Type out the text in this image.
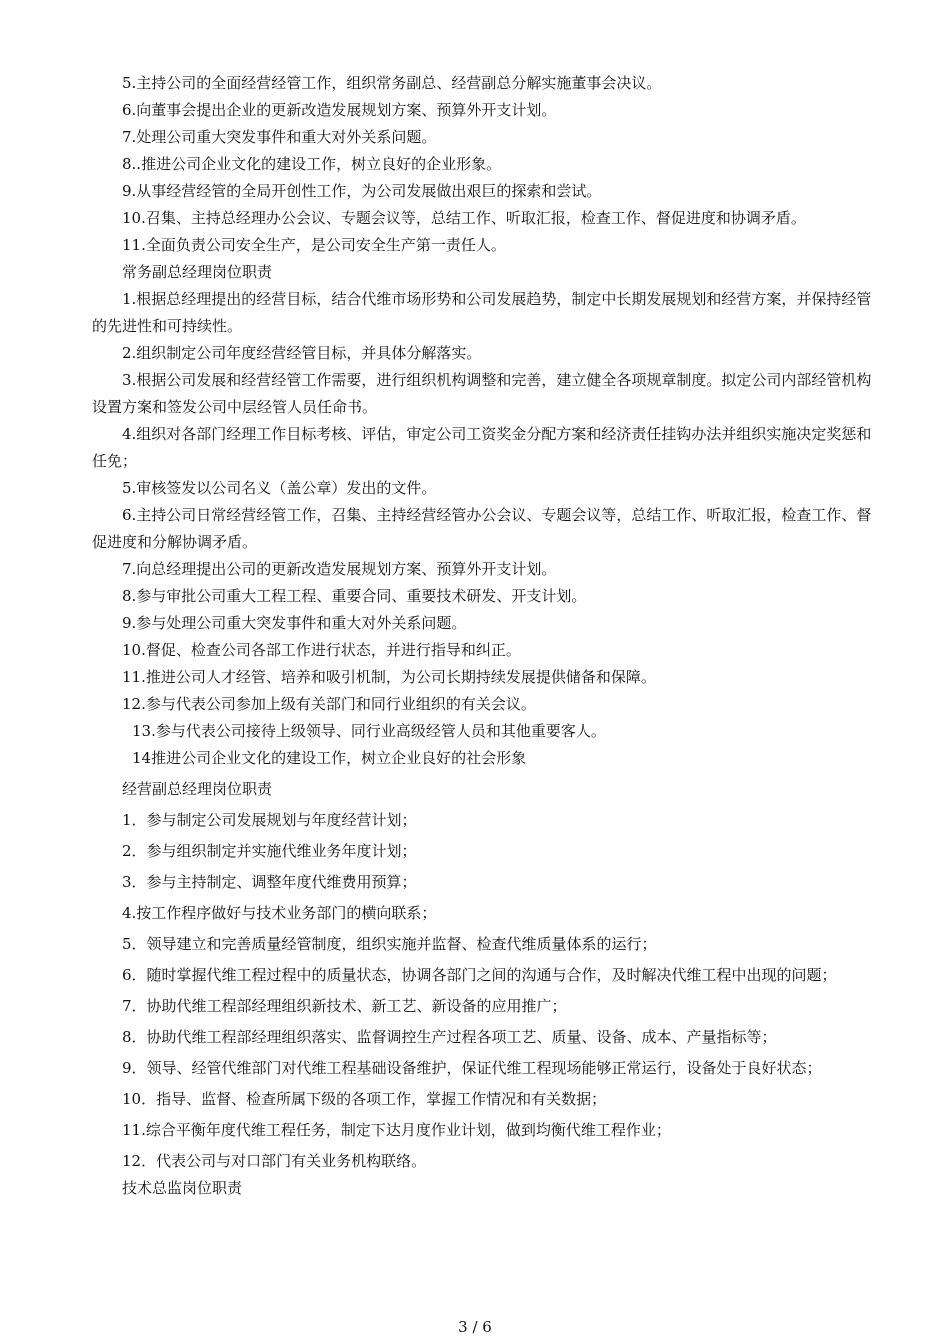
5.主持公司的全面经营经管工作，组织常务副总、经营副总分解实施董事会决议。

6.向董事会提出企业的更新改造发展规划方案、预算外开支计划。

7.处理公司重大突发事件和重大对外关系问题。

8..推进公司企业文化的建设工作，树立良好的企业形象。

9.从事经营经管的全局开创性工作，为公司发展做出艰巨的探索和尝试。

10.召集、主持总经理办公会议、专题会议等，总结工作、听取汇报，检查工作、督促进度和协调矛盾。

11.全面负责公司安全生产，是公司安全生产第一责任人。

常务副总经理岗位职责

1.根据总经理提出的经营目标，结合代维市场形势和公司发展趋势，制定中长期发展规划和经营方案，并保持经管的先进性和可持续性。

2.组织制定公司年度经营经管目标，并具体分解落实。

3.根据公司发展和经营经管工作需要，进行组织机构调整和完善，建立健全各项规章制度。拟定公司内部经管机构设置方案和签发公司中层经管人员任命书。

4.组织对各部门经理工作目标考核、评估，审定公司工资奖金分配方案和经济责任挂钩办法并组织实施决定奖惩和任免；

5.审核签发以公司名义（盖公章）发出的文件。

6.主持公司日常经营经管工作，召集、主持经营经管办公会议、专题会议等，总结工作、听取汇报，检查工作、督促进度和分解协调矛盾。

7.向总经理提出公司的更新改造发展规划方案、预算外开支计划。

8.参与审批公司重大工程工程、重要合同、重要技术研发、开支计划。

9.参与处理公司重大突发事件和重大对外关系问题。

10.督促、检查公司各部工作进行状态，并进行指导和纠正。

11.推进公司人才经管、培养和吸引机制，为公司长期持续发展提供储备和保障。

12.参与代表公司参加上级有关部门和同行业组织的有关会议。

13.参与代表公司接待上级领导、同行业高级经管人员和其他重要客人。

14推进公司企业文化的建设工作，树立企业良好的社会形象

经营副总经理岗位职责

1．参与制定公司发展规划与年度经营计划；

2．参与组织制定并实施代维业务年度计划；

3．参与主持制定、调整年度代维费用预算；

4.按工作程序做好与技术业务部门的横向联系；

5．领导建立和完善质量经管制度，组织实施并监督、检查代维质量体系的运行；

6．随时掌握代维工程过程中的质量状态，协调各部门之间的沟通与合作，及时解决代维工程中出现的问题；

7．协助代维工程部经理组织新技术、新工艺、新设备的应用推广；

8．协助代维工程部经理组织落实、监督调控生产过程各项工艺、质量、设备、成本、产量指标等；

9．领导、经管代维部门对代维工程基础设备维护，保证代维工程现场能够正常运行，设备处于良好状态；

10．指导、监督、检查所属下级的各项工作，掌握工作情况和有关数据；

11.综合平衡年度代维工程任务，制定下达月度作业计划，做到均衡代维工程作业；

12．代表公司与对口部门有关业务机构联络。

技术总监岗位职责

3 / 6
